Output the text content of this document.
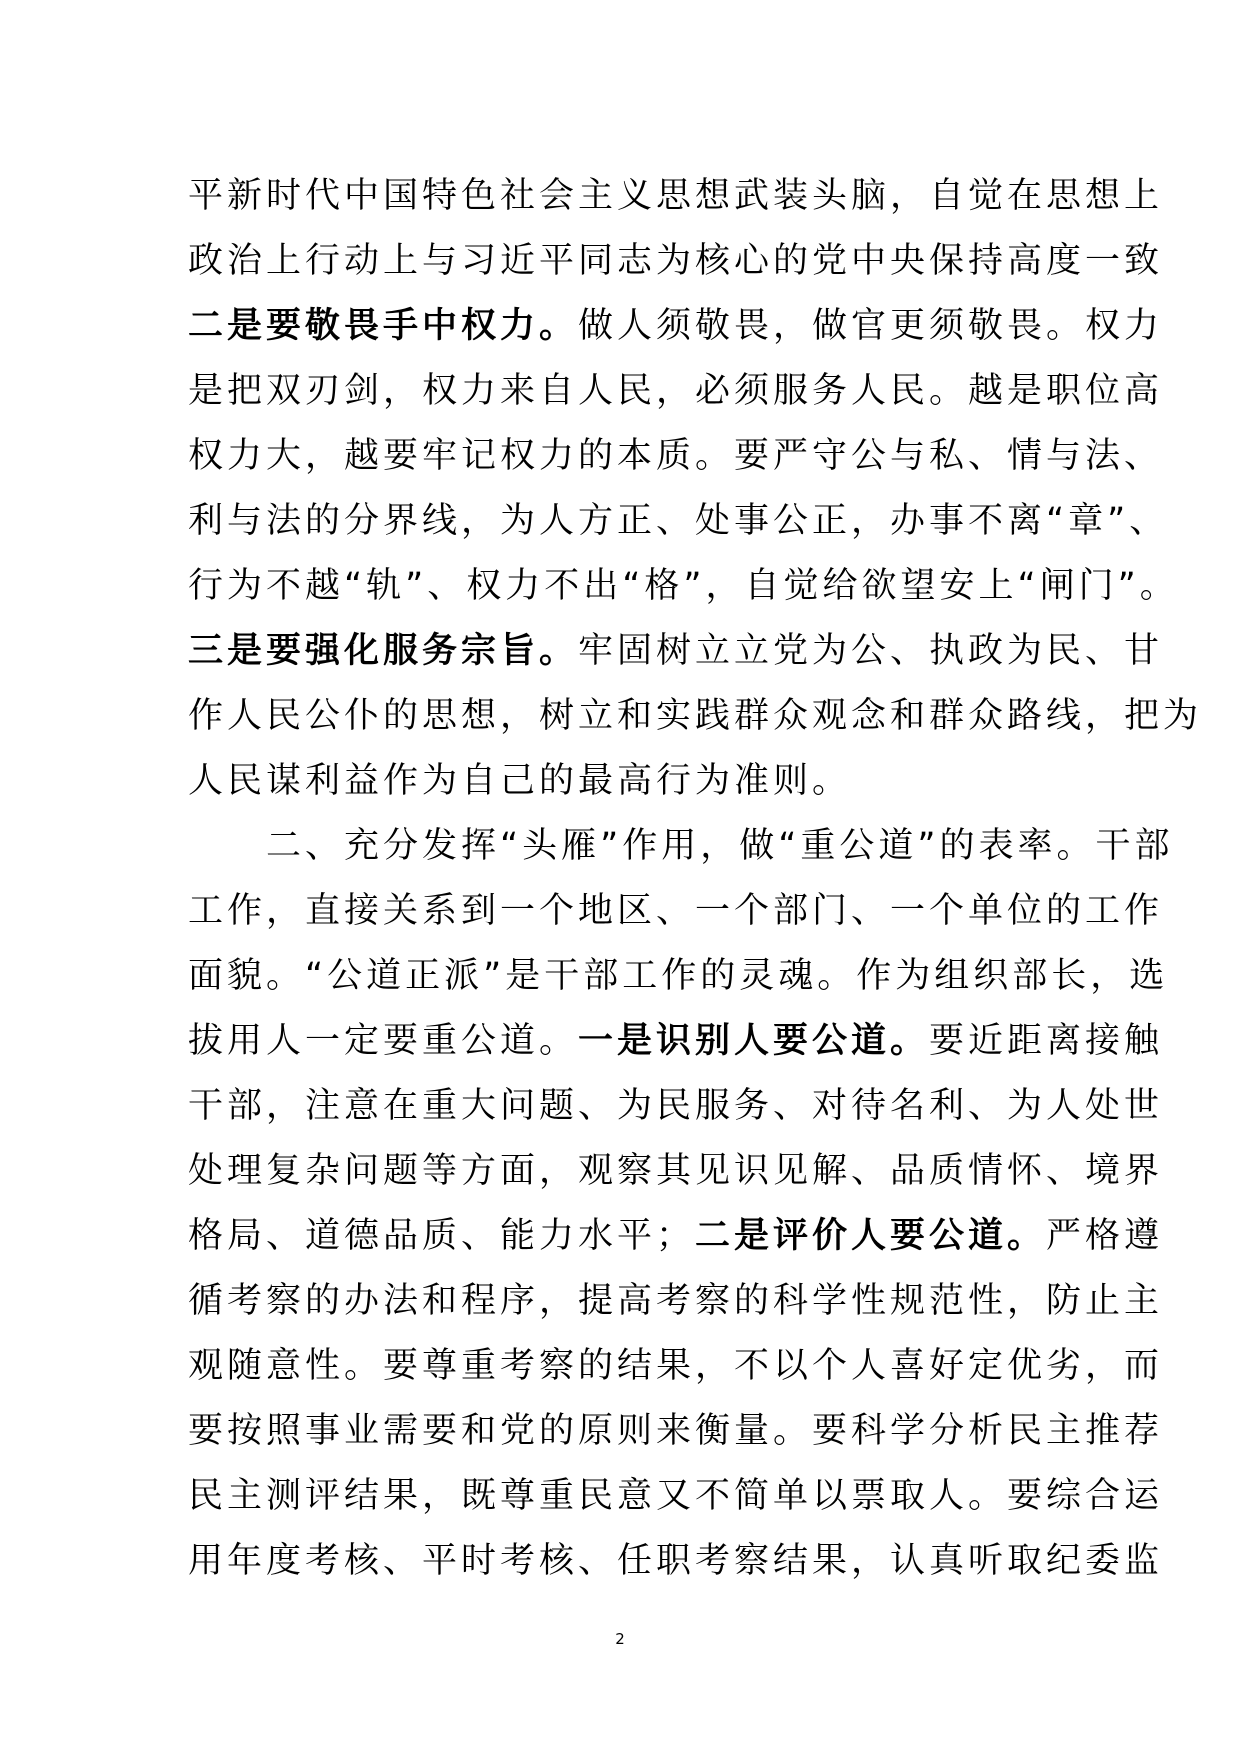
平新时代中国特色社会主义思想武装头脑，自觉在思想上
政治上行动上与习近平同志为核心的党中央保持高度一致
二是要敬畏手中权力。做人须敬畏，做官更须敬畏。权力
是把双刃剑，权力来自人民，必须服务人民。越是职位高
权力大，越要牢记权力的本质。要严守公与私、情与法、
利与法的分界线，为人方正、处事公正，办事不离“章”、
行为不越“轨”、权力不出“格”，自觉给欲望安上“闸门”。
三是要强化服务宗旨。牢固树立立党为公、执政为民、甘
作人民公仆的思想，树立和实践群众观念和群众路线，把为
人民谋利益作为自己的最高行为准则。
二、充分发挥“头雁”作用，做“重公道”的表率。干部
工作，直接关系到一个地区、一个部门、一个单位的工作
面貌。“公道正派”是干部工作的灵魂。作为组织部长，选
拔用人一定要重公道。一是识别人要公道。要近距离接触
干部，注意在重大问题、为民服务、对待名利、为人处世
处理复杂问题等方面，观察其见识见解、品质情怀、境界
格局、道德品质、能力水平；二是评价人要公道。严格遵
循考察的办法和程序，提高考察的科学性规范性，防止主
观随意性。要尊重考察的结果，不以个人喜好定优劣，而
要按照事业需要和党的原则来衡量。要科学分析民主推荐
民主测评结果，既尊重民意又不简单以票取人。要综合运
用年度考核、平时考核、任职考察结果，认真听取纪委监
2
